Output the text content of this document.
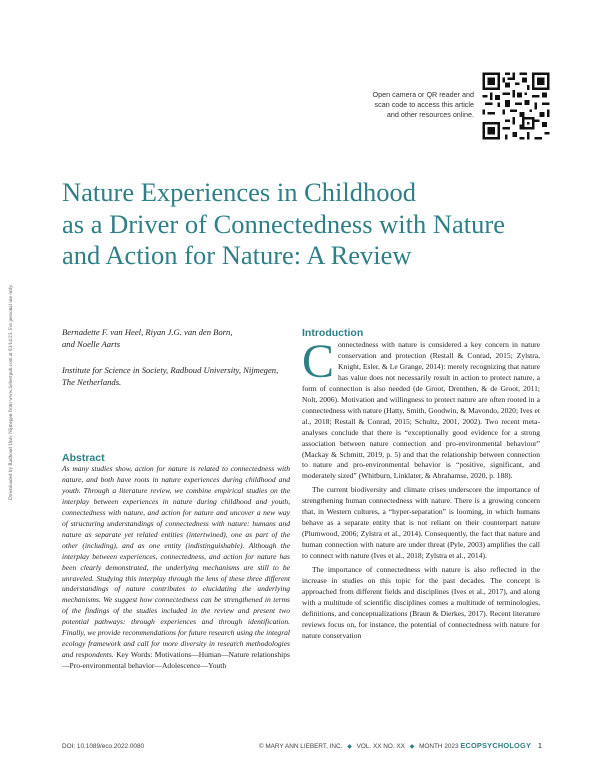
Downloaded by Radboud Univ Nijmegen from www.liebertpub.com at 03/14/23. For personal use only.
Open camera or QR reader and
scan code to access this article
and other resources online.
Nature Experiences in Childhood
as a Driver of Connectedness with Nature
and Action for Nature: A Review
Bernadette F. van Heel, Riyan J.G. van den Born,
and Noelle Aarts
Institute for Science in Society, Radboud University, Nijmegen,
The Netherlands.
Abstract

As many studies show, action for nature is related to connectedness with nature, and both have roots in nature experiences during childhood and youth. Through a literature review, we combine empirical studies on the interplay between experiences in nature during childhood and youth, connectedness with nature, and action for nature and uncover a new way of structuring understandings of connectedness with nature: humans and nature as separate yet related entities (intertwined), one as part of the other (including), and as one entity (indistinguishable). Although the interplay between experiences, connectedness, and action for nature has been clearly demonstrated, the underlying mechanisms are still to be unraveled. Studying this interplay through the lens of these three different understandings of nature contributes to elucidating the underlying mechanisms. We suggest how connectedness can be strengthened in terms of the findings of the studies included in the review and present two potential pathways: through experiences and through identification. Finally, we provide recommendations for future research using the integral ecology framework and call for more diversity in research methodologies and respondents. Key Words: Motivations—Human—Nature relationships—Pro-environmental behavior—Adolescence—Youth

Introduction

Connectedness with nature is considered a key concern in nature conservation and protection (Restall & Conrad, 2015; Zylstra, Knight, Esler, & Le Grange, 2014): merely recognizing that nature has value does not necessarily result in action to protect nature, a form of connection is also needed (de Groot, Drenthen, & de Groot, 2011; Nolt, 2006). Motivation and willingness to protect nature are often rooted in a connectedness with nature (Hatty, Smith, Goodwin, & Mavondo, 2020; Ives et al., 2018; Restall & Conrad, 2015; Schultz, 2001, 2002). Two recent meta-analyses conclude that there is “exceptionally good evidence for a strong association between nature connection and pro-environmental behaviour” (Mackay & Schmitt, 2019, p. 5) and that the relationship between connection to nature and pro-environmental behavior is “positive, significant, and moderately sized” (Whitburn, Linklater, & Abrahamse, 2020, p. 188).

The current biodiversity and climate crises underscore the importance of strengthening human connectedness with nature. There is a growing concern that, in Western cultures, a “hyper-separation” is looming, in which humans behave as a separate entity that is not reliant on their counterpart nature (Plumwood, 2006; Zylstra et al., 2014). Consequently, the fact that nature and human connection with nature are under threat (Pyle, 2003) amplifies the call to connect with nature (Ives et al., 2018; Zylstra et al., 2014).

The importance of connectedness with nature is also reflected in the increase in studies on this topic for the past decades. The concept is approached from different fields and disciplines (Ives et al., 2017), and along with a multitude of scientific disciplines comes a multitude of terminologies, definitions, and conceptualizations (Braun & Dierkes, 2017). Recent literature reviews focus on, for instance, the potential of connectedness with nature for nature conservation

DOI: 10.1089/eco.2022.0080	© MARY ANN LIEBERT, INC. ◆ VOL. XX NO. XX ◆ MONTH 2023 ECOPSYCHOLOGY 1
